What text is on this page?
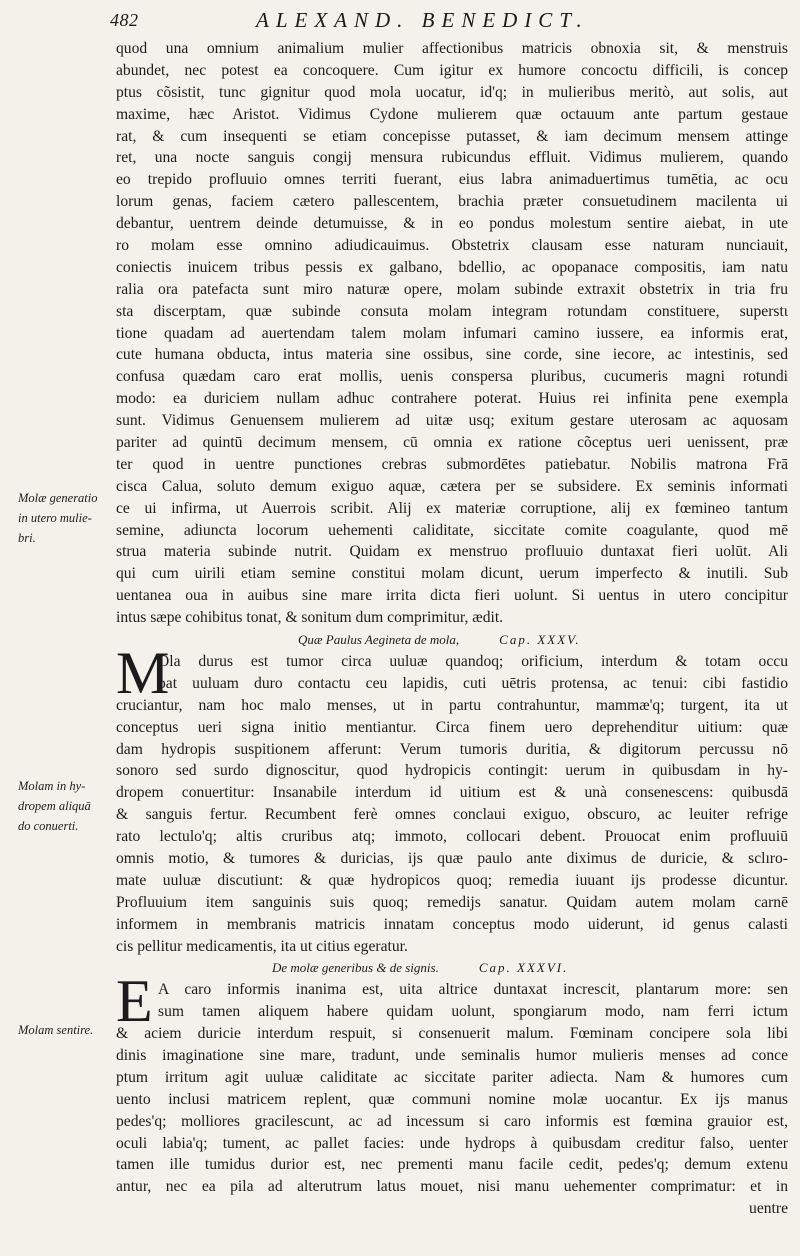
482	ALEXAND. BENEDICT.
Molæ generatio
in utero mulie-
bri.
Molam in hy-
dropem aliquā
do conuerti.
Molam sentire.
quod una omnium animalium mulier affectionibus matricis obnoxia sit, & menstruis
abundet, nec potest ea concoquere. Cum igitur ex humore concoctu difficili, is concep
ptus cõsistit, tunc gignitur quod mola uocatur, id'q; in mulieribus meritò, aut solis, aut
maxime, hæc Aristot. Vidimus Cydone mulierem quæ octauum ante partum gestaue
rat, & cum insequenti se etiam concepisse putasset, & iam decimum mensem attinge
ret, una nocte sanguis congij mensura rubicundus effluit. Vidimus mulierem, quando
eo trepido profluuio omnes territi fuerant, eius labra animaduertimus tumētia, ac ocu
lorum genas, faciem cætero pallescentem, brachia præter consuetudinem macilenta ui
debantur, uentrem deinde detumuisse, & in eo pondus molestum sentire aiebat, in ute
ro molam esse omnino adiudicauimus. Obstetrix clausam esse naturam nunciauit,
coniectis inuicem tribus pessis ex galbano, bdellio, ac opopanace compositis, iam natu
ralia ora patefacta sunt miro naturæ opere, molam subinde extraxit obstetrix in tria fru
sta discerptam, quæ subinde consuta molam integram rotundam constituere, superstι
tione quadam ad auertendam talem molam infumari camino iussere, ea informis erat,
cute humana obducta, intus materia sine ossibus, sine corde, sine iecore, ac intestinis, sed
confusa quædam caro erat mollis, uenis conspersa pluribus, cucumeris magni rotundi
modo: ea duriciem nullam adhuc contrahere poterat. Huius rei infinita pene exempla
sunt. Vidimus Genuensem mulierem ad uitæ usq; exitum gestare uterosam ac aquosam
pariter ad quintū decimum mensem, cū omnia ex ratione cõceptus ueri uenissent, præ
ter quod in uentre punctiones crebras submordētes patiebatur. Nobilis matrona Frā
cisca Calua, soluto demum exiguo aquæ, cætera per se subsidere. Ex seminis informati
ce ui infirma, ut Auerrois scribit. Alij ex materiæ corruptione, alij ex fœmineo tantum
semine, adiuncta locorum uehementi caliditate, siccitate comite coagulante, quod mē
strua materia subinde nutrit. Quidam ex menstruo profluuio duntaxat fieri uolūt. Ali
qui cum uirili etiam semine constitui molam dicunt, uerum imperfecto & inutili. Sub
uentanea oua in auibus sine mare irrita dicta fieri uolunt. Si uentus in utero concipitur
intus sæpe cohibitus tonat, & sonitum dum comprimitur, ædit.
Quæ Paulus Aegineta de mola,	Cap. XXXV.
M
Ola durus est tumor circa uuluæ quandoq; orificium, interdum & totam occu
pat uuluam duro contactu ceu lapidis, cuti uētris protensa, ac tenui: cibi fastidio
cruciantur, nam hoc malo menses, ut in partu contrahuntur, mammæ'q; turgent, ita ut
conceptus ueri signa initio mentiantur. Circa finem uero deprehenditur uitium: quæ
dam hydropis suspitionem afferunt: Verum tumoris duritia, & digitorum percussu nō
sonoro sed surdo dignoscitur, quod hydropicis contingit: uerum in quibusdam in hy-
dropem conuertitur: Insanabile interdum id uitium est & unà consenescens: quibusdā
& sanguis fertur. Recumbent ferè omnes conclaui exiguo, obscuro, ac leuiter refrige
rato lectulo'q; altis cruribus atq; immoto, collocari debent. Prouocat enim profluuiū
omnis motio, & tumores & duricias, ijs quæ paulo ante diximus de duricie, & sclıro-
mate uuluæ discutiunt: & quæ hydropicos quoq; remedia iuuant ijs prodesse dicuntur.
Profluuium item sanguinis suis quoq; remedijs sanatur. Quidam autem molam carnē
informem in membranis matricis innatam conceptus modo uiderunt, id genus calasti
cis pellitur medicamentis, ita ut citius egeratur.
De molæ generibus & de signis.	Cap. XXXVI.
E A caro informis inanima est, uita altrice duntaxat increscit, plantarum more: sen
sum tamen aliquem habere quidam uolunt, spongiarum modo, nam ferri ictum
& aciem duricie interdum respuit, si consenuerit malum. Fœminam concipere sola libi
dinis imaginatione sine mare, tradunt, unde seminalis humor mulieris menses ad conce
ptum irritum agit uuluæ caliditate ac siccitate pariter adiecta. Nam & humores cum
uento inclusi matricem replent, quæ communi nomine molæ uocantur. Ex ijs manus
pedes'q; molliores gracilescunt, ac ad incessum si caro informis est fœmina grauior est,
oculi labia'q; tument, ac pallet facies: unde hydrops à quibusdam creditur falso, uenter
tamen ille tumidus durior est, nec prementi manu facile cedit, pedes'q; demum extenu
antur, nec ea pila ad alterutrum latus mouet, nisi manu uehementer comprimatur: et in
uentre
